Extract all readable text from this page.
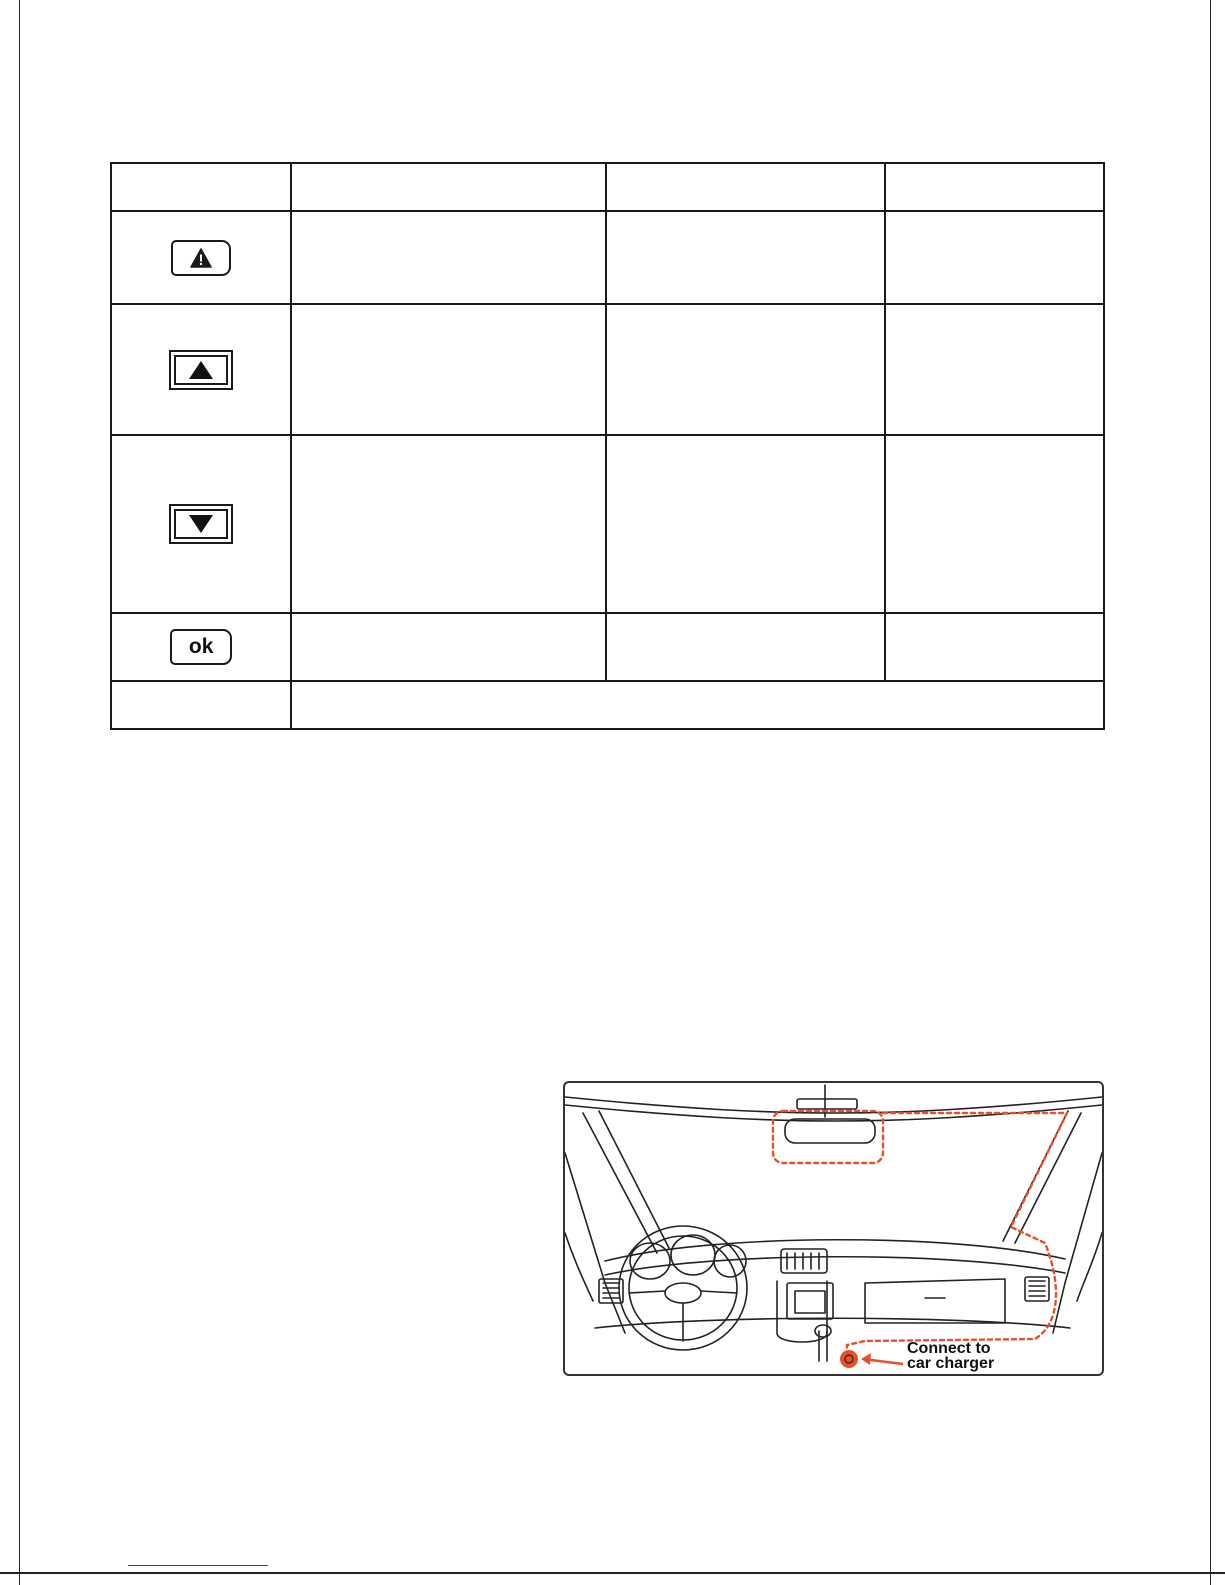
ok			

Connect to
car charger
